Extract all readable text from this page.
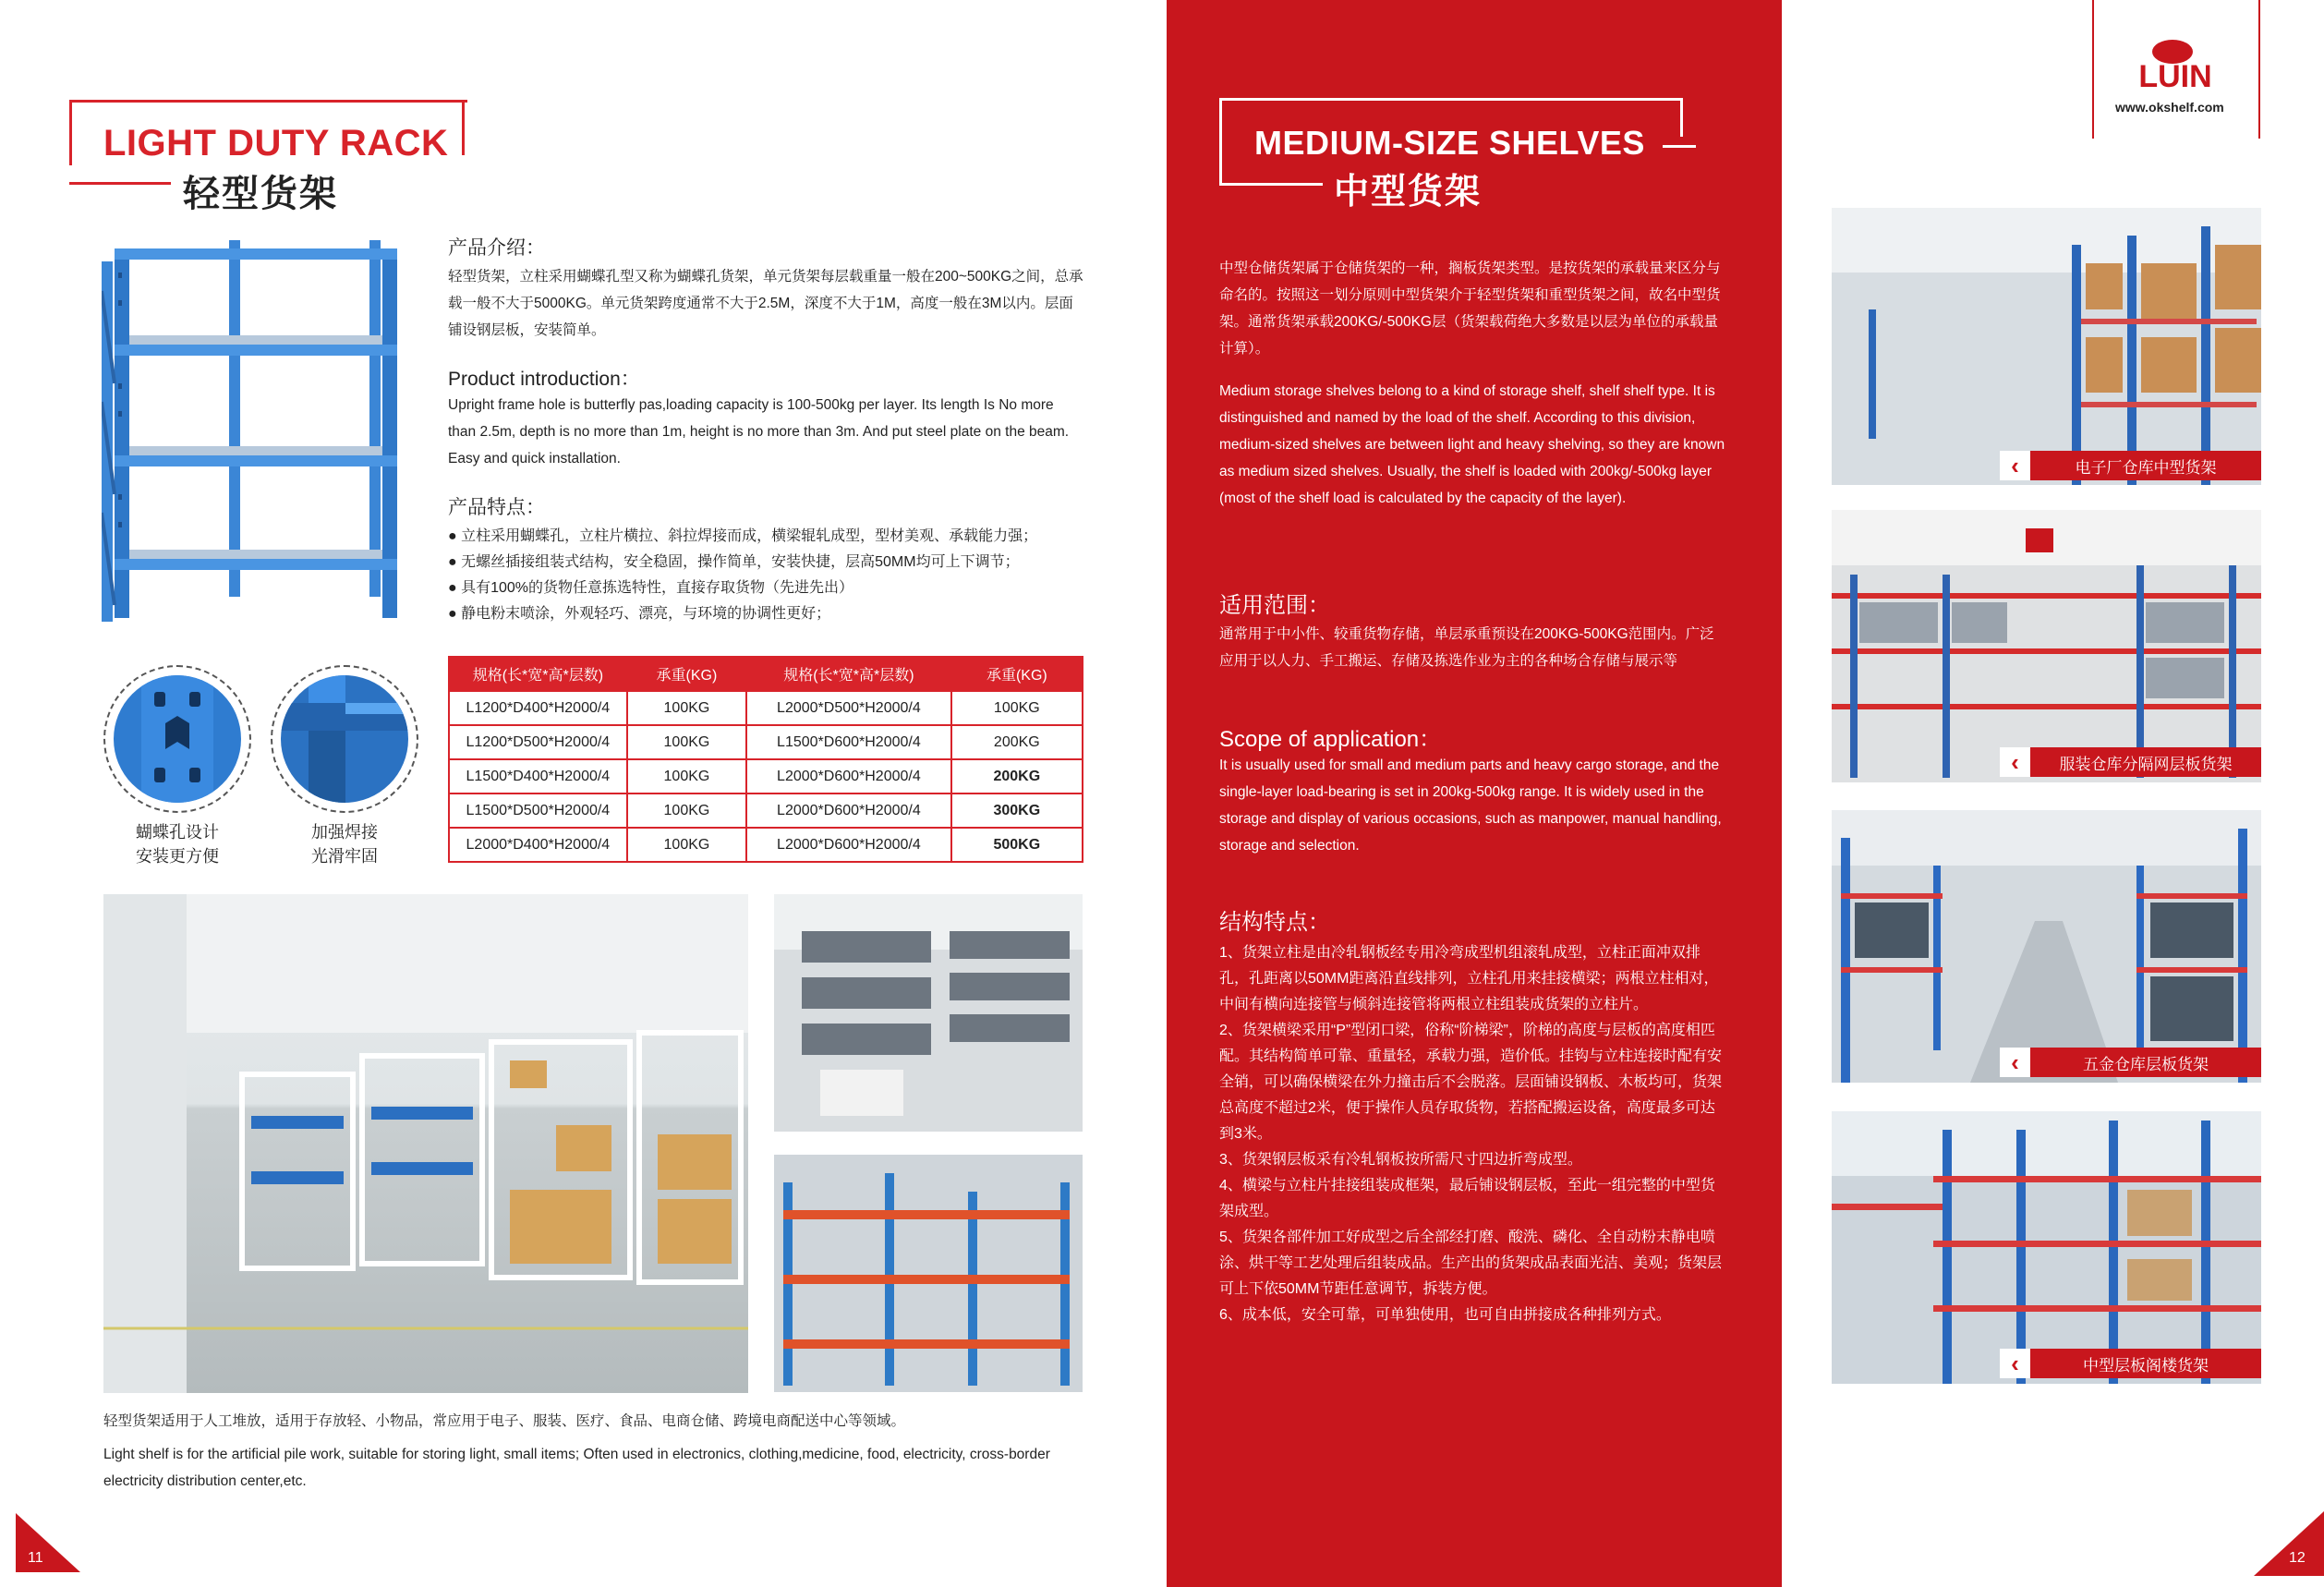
LIGHT DUTY RACK
轻型货架
产品介绍：
轻型货架，立柱采用蝴蝶孔型又称为蝴蝶孔货架，单元货架每层载重量一般在200~500KG之间，总承载一般不大于5000KG。单元货架跨度通常不大于2.5M，深度不大于1M，高度一般在3M以内。层面铺设钢层板，安装简单。
Product introduction：
Upright frame hole is butterfly pas,loading capacity is 100-500kg per layer. Its length Is No more than 2.5m, depth is no more than 1m, height is no more than 3m. And put steel plate on the beam. Easy and quick installation.
产品特点：
● 立柱采用蝴蝶孔，立柱片横拉、斜拉焊接而成，横梁辊轧成型，型材美观、承载能力强；
● 无螺丝插接组装式结构，安全稳固，操作简单，安装快捷，层高50MM均可上下调节；
● 具有100%的货物任意拣选特性，直接存取货物（先进先出）
● 静电粉末喷涂，外观轻巧、漂亮，与环境的协调性更好；
蝴蝶孔设计
安装更方便
加强焊接
光滑牢固
规格(长*宽*高*层数)	承重(KG)	规格(长*宽*高*层数)	承重(KG)
L1200*D400*H2000/4	100KG	L2000*D500*H2000/4	100KG
L1200*D500*H2000/4	100KG	L1500*D600*H2000/4	200KG
L1500*D400*H2000/4	100KG	L2000*D600*H2000/4	200KG
L1500*D500*H2000/4	100KG	L2000*D600*H2000/4	300KG
L2000*D400*H2000/4	100KG	L2000*D600*H2000/4	500KG
轻型货架适用于人工堆放，适用于存放轻、小物品，常应用于电子、服装、医疗、食品、电商仓储、跨境电商配送中心等领域。
Light shelf is for the artificial pile work, suitable for storing light, small items; Often used in electronics, clothing,medicine, food, electricity, cross-border electricity distribution center,etc.
11
MEDIUM-SIZE SHELVES
中型货架
中型仓储货架属于仓储货架的一种，搁板货架类型。是按货架的承载量来区分与命名的。按照这一划分原则中型货架介于轻型货架和重型货架之间，故名中型货架。通常货架承载200KG/-500KG层（货架载荷绝大多数是以层为单位的承载量计算）。
Medium storage shelves belong to a kind of storage shelf, shelf shelf type. It is distinguished and named by the load of the shelf. According to this division, medium-sized shelves are between light and heavy shelving, so they are known as medium sized shelves. Usually, the shelf is loaded with 200kg/-500kg layer (most of the shelf load is calculated by the capacity of the layer).
适用范围：
通常用于中小件、较重货物存储，单层承重预设在200KG-500KG范围内。广泛应用于以人力、手工搬运、存储及拣选作业为主的各种场合存储与展示等
Scope of application：
It is usually used for small and medium parts and heavy cargo storage, and the single-layer load-bearing is set in 200kg-500kg range. It is widely used in the storage and display of various occasions, such as manpower, manual handling, storage and selection.
结构特点：
1、货架立柱是由冷轧钢板经专用冷弯成型机组滚轧成型，立柱正面冲双排孔，孔距离以50MM距离沿直线排列，立柱孔用来挂接横梁；两根立柱相对，中间有横向连接管与倾斜连接管将两根立柱组装成货架的立柱片。
2、货架横梁采用“P”型闭口梁，俗称“阶梯梁”，阶梯的高度与层板的高度相匹配。其结构简单可靠、重量轻，承载力强，造价低。挂钩与立柱连接时配有安全销，可以确保横梁在外力撞击后不会脱落。层面铺设钢板、木板均可，货架总高度不超过2米，便于操作人员存取货物，若搭配搬运设备，高度最多可达到3米。
3、货架钢层板采有冷轧钢板按所需尺寸四边折弯成型。
4、横梁与立柱片挂接组装成框架，最后铺设钢层板，至此一组完整的中型货架成型。
5、货架各部件加工好成型之后全部经打磨、酸洗、磷化、全自动粉末静电喷涂、烘干等工艺处理后组装成品。生产出的货架成品表面光洁、美观；货架层可上下依50MM节距任意调节，拆装方便。
6、成本低，安全可靠，可单独使用，也可自由拼接成各种排列方式。
LUIN
www.okshelf.com
‹	电子厂仓库中型货架
‹	服装仓库分隔网层板货架
‹	五金仓库层板货架
‹	中型层板阁楼货架
12
